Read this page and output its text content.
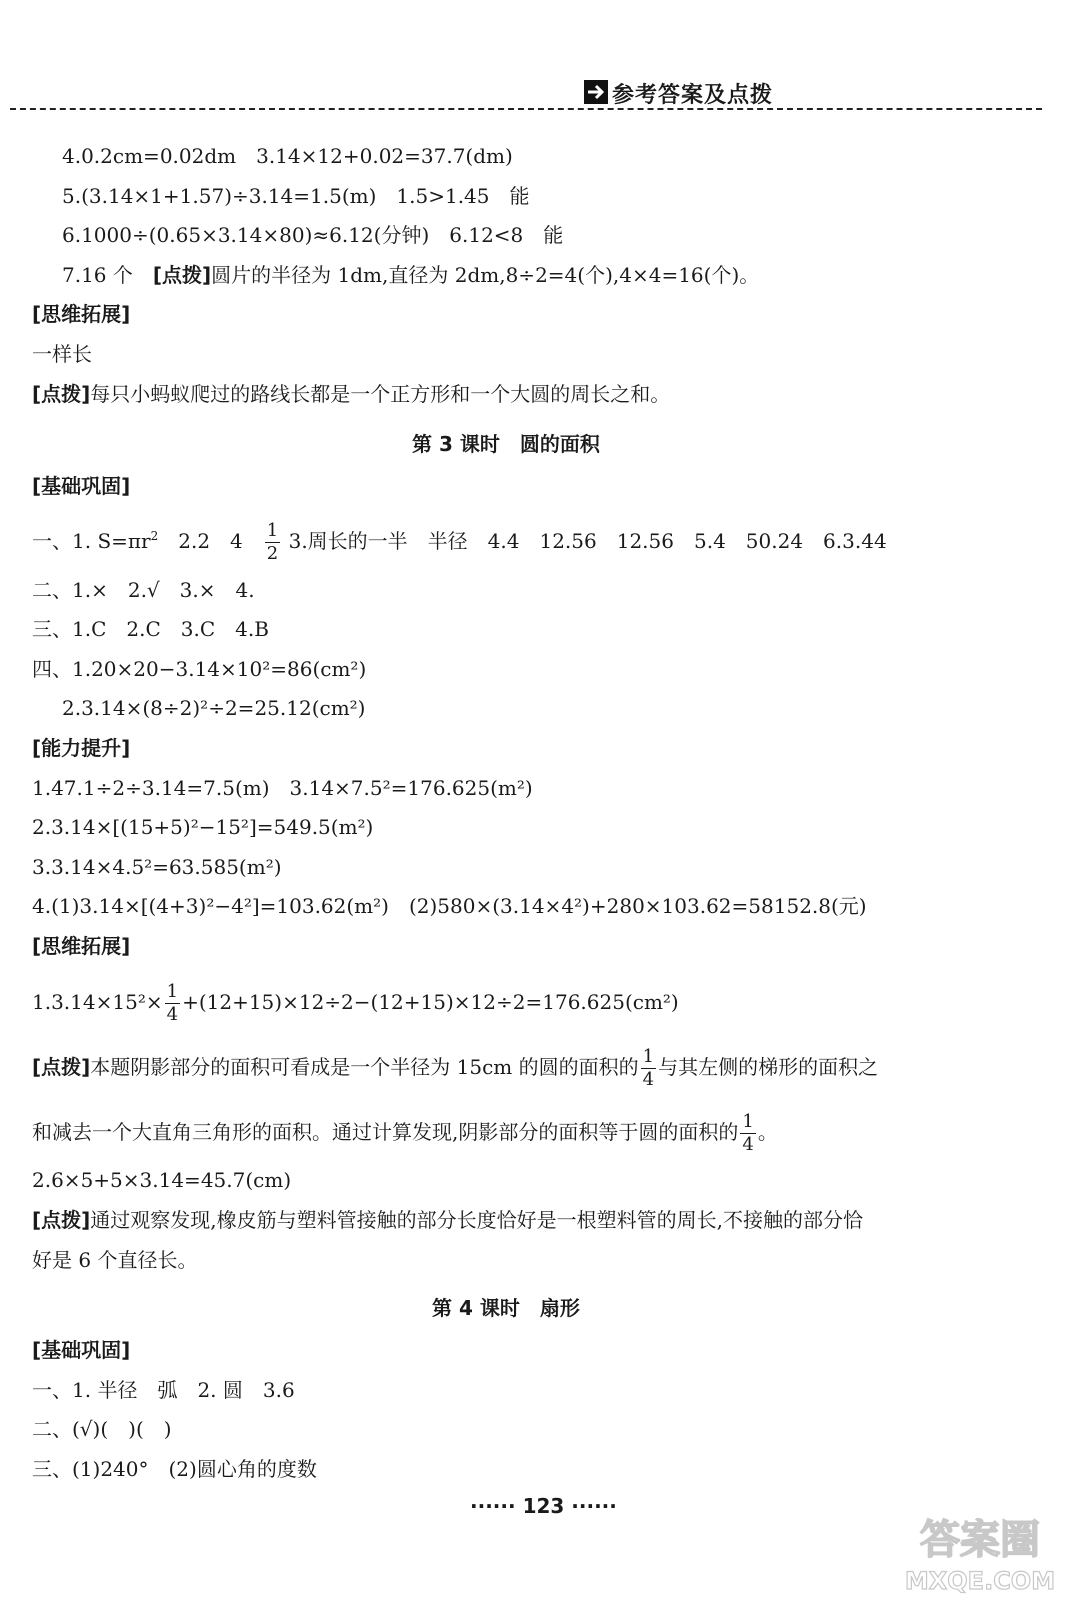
参考答案及点拨
4.0.2cm=0.02dm　3.14×12+0.02=37.7(dm)
5.(3.14×1+1.57)÷3.14=1.5(m)　1.5>1.45　能
6.1000÷(0.65×3.14×80)≈6.12(分钟)　6.12<8　能
7.16 个　[点拨]圆片的半径为 1dm,直径为 2dm,8÷2=4(个),4×4=16(个)。
[思维拓展]
一样长
[点拨]每只小蚂蚁爬过的路线长都是一个正方形和一个大圆的周长之和。
第 3 课时　圆的面积
[基础巩固]
一、1. $S=\pi r^2$　2.2　4　 $\frac{1}{2} 3$.周长的一半　半径　4.4　12.56　12.56　5.4　50.24　6.3.44
二、1.×　2.√　3.×　4.
三、1.C　2.C　3.C　4.B
四、1.20×20−3.14×10²=86(cm²)
2.3.14×(8÷2)²÷2=25.12(cm²)
[能力提升]
1.47.1÷2÷3.14=7.5(m)　3.14×7.5²=176.625(m²)
2.3.14×[(15+5)²−15²]=549.5(m²)
3.3.14×4.5²=63.585(m²)
4.(1)3.14×[(4+3)²−4²]=103.62(m²)　(2)580×(3.14×4²)+280×103.62=58152.8(元)
[思维拓展]
$1.3.14\times 15^2\times \frac{1}{4} +(12+15)\times 12\div 2-(12+15)\times 12\div 2=176.625(cm^2)$
[点拨]本题阴影部分的面积可看成是一个半径为 15cm 的圆的面积的 $\frac{1}{4}$ 与其左侧的梯形的面积之
和减去一个大直角三角形的面积。通过计算发现,阴影部分的面积等于圆的面积的 $\frac{1}{4}$ 。
2.6×5+5×3.14=45.7(cm)
[点拨]通过观察发现,橡皮筋与塑料管接触的部分长度恰好是一根塑料管的周长,不接触的部分恰
好是 6 个直径长。
第 4 课时　扇形
[基础巩固]
一、1. 半径　弧　2. 圆　3.6
二、(√)(　)(　)
三、(1)240°　(2)圆心角的度数
······ 123 ······
答案圈
MXQE.COM
